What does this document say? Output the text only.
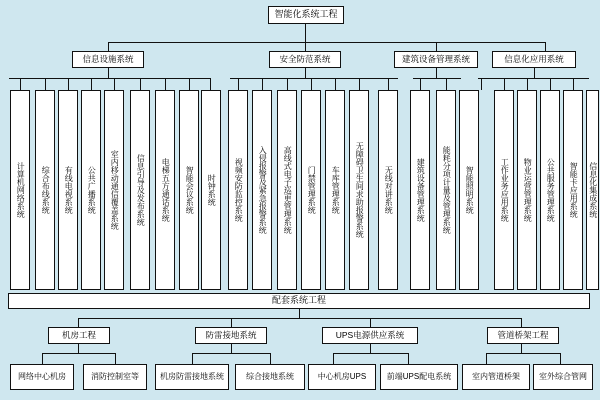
智能化系统工程
信息设施系统	安全防范系统	建筑设备管理系统	信息化应用系统
计算机网络系统	综合布线系统	有线电视系统	公共广播系统	室内移动通信覆盖系统	信息引导及发布系统	电梯五方通话系统	智能会议系统	时钟系统	视频安防监控系统	入侵报警及紧急报警系统	高线式电子巡更管理系统	门禁管理系统	车库管理系统	无障碍卫生间求助报警系统	无线对讲系统	建筑设备管理系统	能耗分项计量及管理系统	智能照明系统	工作业务应用系统	物业运营管理系统	公共服务管理系统	智能卡应用系统	信息化集成系统
配套系统工程
机房工程	防雷接地系统	UPS电源供应系统	管道桥架工程
网络中心机房	消防控制室等	机房防雷接地系统	综合接地系统	中心机房UPS	前端UPS配电系统	室内管道桥架	室外综合管网
